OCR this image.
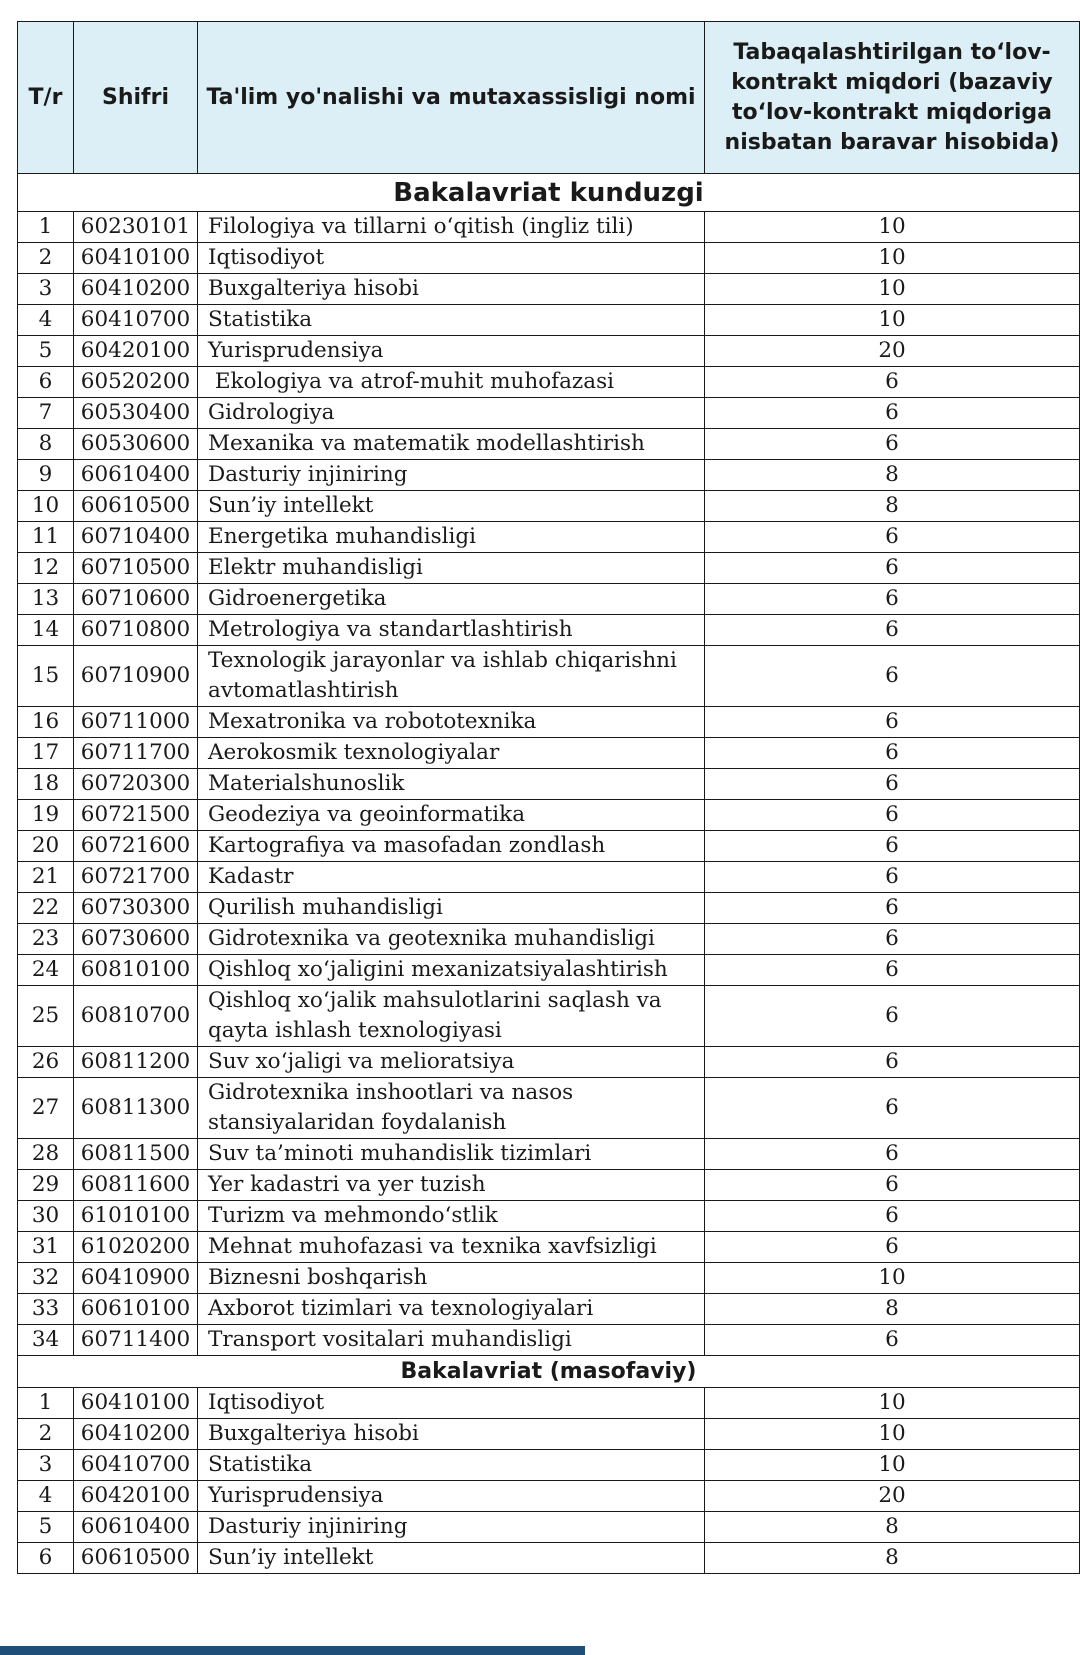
T/r	Shifri	Ta'lim yo'nalishi va mutaxassisligi nomi	Tabaqalashtirilgan to‘lov-kontrakt miqdori (bazaviy to‘lov-kontrakt miqdoriga nisbatan baravar hisobida)
Bakalavriat kunduzgi			
1	60230101	Filologiya va tillarni o‘qitish (ingliz tili)	10
2	60410100	Iqtisodiyot	10
3	60410200	Buxgalteriya hisobi	10
4	60410700	Statistika	10
5	60420100	Yurisprudensiya	20
6	60520200	Ekologiya va atrof-muhit muhofazasi	6
7	60530400	Gidrologiya	6
8	60530600	Mexanika va matematik modellashtirish	6
9	60610400	Dasturiy injiniring	8
10	60610500	Sun’iy intellekt	8
11	60710400	Energetika muhandisligi	6
12	60710500	Elektr muhandisligi	6
13	60710600	Gidroenergetika	6
14	60710800	Metrologiya va standartlashtirish	6
15	60710900	Texnologik jarayonlar va ishlab chiqarishni avtomatlashtirish	6
16	60711000	Mexatronika va robototexnika	6
17	60711700	Aerokosmik texnologiyalar	6
18	60720300	Materialshunoslik	6
19	60721500	Geodeziya va geoinformatika	6
20	60721600	Kartografiya va masofadan zondlash	6
21	60721700	Kadastr	6
22	60730300	Qurilish muhandisligi	6
23	60730600	Gidrotexnika va geotexnika muhandisligi	6
24	60810100	Qishloq xo‘jaligini mexanizatsiyalashtirish	6
25	60810700	Qishloq xo‘jalik mahsulotlarini saqlash va qayta ishlash texnologiyasi	6
26	60811200	Suv xo‘jaligi va melioratsiya	6
27	60811300	Gidrotexnika inshootlari va nasos stansiyalaridan foydalanish	6
28	60811500	Suv ta’minoti muhandislik tizimlari	6
29	60811600	Yer kadastri va yer tuzish	6
30	61010100	Turizm va mehmondo‘stlik	6
31	61020200	Mehnat muhofazasi va texnika xavfsizligi	6
32	60410900	Biznesni boshqarish	10
33	60610100	Axborot tizimlari va texnologiyalari	8
34	60711400	Transport vositalari muhandisligi	6
Bakalavriat (masofaviy)			
1	60410100	Iqtisodiyot	10
2	60410200	Buxgalteriya hisobi	10
3	60410700	Statistika	10
4	60420100	Yurisprudensiya	20
5	60610400	Dasturiy injiniring	8
6	60610500	Sun’iy intellekt	8
